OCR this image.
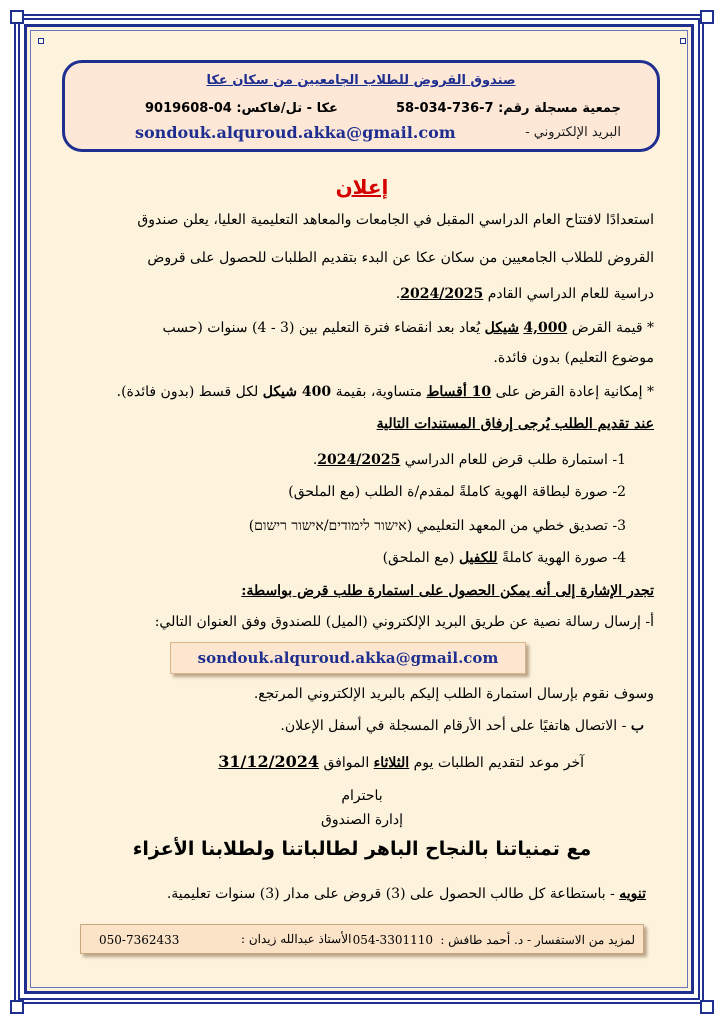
صندوق القروض للطلاب الجامعيين من سكان عكا
جمعية مسجلة رقم: 7-736-034-58
عكا - تل/فاكس: 04-9019608
البريد الإلكتروني -
sondouk.alquroud.akka@gmail.com
إعلان
استعدادًا لافتتاح العام الدراسي المقبل في الجامعات والمعاهد التعليمية العليا، يعلن صندوق
القروض للطلاب الجامعيين من سكان عكا عن البدء بتقديم الطلبات للحصول على قروض
دراسية للعام الدراسي القادم 2024/2025.
* قيمة القرض 4,000 شيكل يُعاد بعد انقضاء فترة التعليم بين (3 - 4) سنوات (حسب
موضوع التعليم) بدون فائدة.
* إمكانية إعادة القرض على 10 أقساط متساوية، بقيمة 400 شيكل لكل قسط (بدون فائدة).
عند تقديم الطلب يُرجى إرفاق المستندات التالية
1- استمارة طلب قرض للعام الدراسي 2024/2025.
2- صورة لبطاقة الهوية كاملةً لمقدم/ة الطلب (مع الملحق)
3- تصديق خطي من المعهد التعليمي (אישור לימודים/אישור רישום)
4- صورة الهوية كاملةً للكفيل (مع الملحق)
تجدر الإشارة إلى أنه يمكن الحصول على استمارة طلب قرض بواسطة:
أ- إرسال رسالة نصية عن طريق البريد الإلكتروني (الميل) للصندوق وفق العنوان التالي:
sondouk.alquroud.akka@gmail.com
وسوف نقوم بإرسال استمارة الطلب إليكم بالبريد الإلكتروني المرتجع.
ب - الاتصال هاتفيًا على أحد الأرقام المسجلة في أسفل الإعلان.
آخر موعد لتقديم الطلبات يوم الثلاثاء الموافق 31/12/2024
باحترام
إدارة الصندوق
مع تمنياتنا بالنجاح الباهر لطالباتنا ولطلابنا الأعزاء
تنويه - باستطاعة كل طالب الحصول على (3) قروض على مدار (3) سنوات تعليمية.
لمزيد من الاستفسار - د. أحمد طافش :
054-3301110
الأستاذ عبدالله زيدان :
050-7362433
